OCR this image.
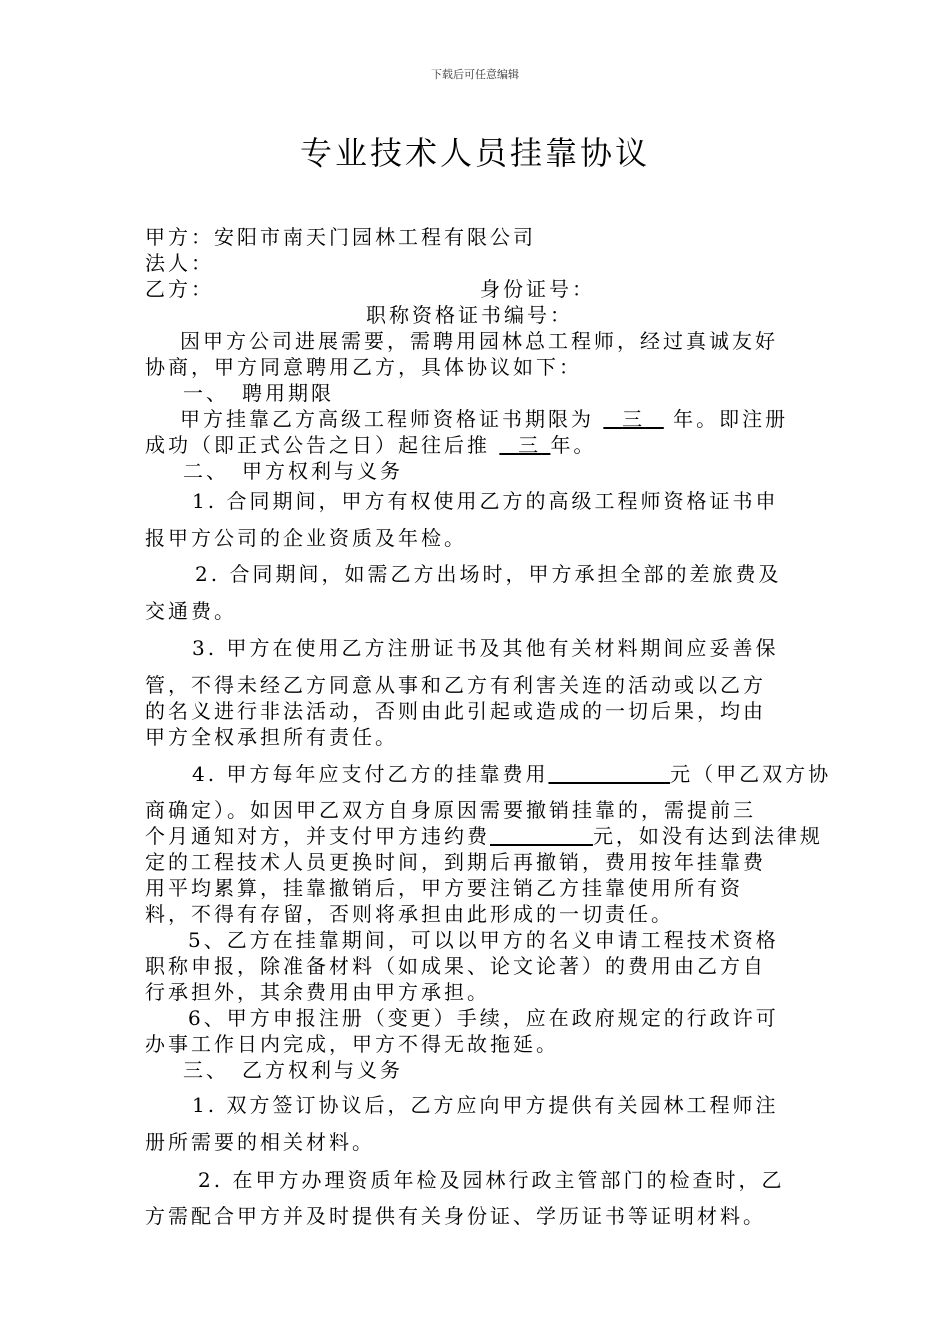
下载后可任意编辑
专业技术人员挂靠协议
甲方：安阳市南天门园林工程有限公司
法人：
乙方：	身份证号：
职称资格证书编号：
因甲方公司进展需要，需聘用园林总工程师，经过真诚友好
协商，甲方同意聘用乙方，具体协议如下：
一、　聘用期限
甲方挂靠乙方高级工程师资格证书期限为 三 年。即注册
成功（即正式公告之日）起往后推 三 年。
二、　甲方权利与义务
1. 合同期间，甲方有权使用乙方的高级工程师资格证书申
报甲方公司的企业资质及年检。
2. 合同期间，如需乙方出场时，甲方承担全部的差旅费及
交通费。
3. 甲方在使用乙方注册证书及其他有关材料期间应妥善保
管，不得未经乙方同意从事和乙方有利害关连的活动或以乙方
的名义进行非法活动，否则由此引起或造成的一切后果，均由
甲方全权承担所有责任。
4. 甲方每年应支付乙方的挂靠费用	元（甲乙双方协
商确定）。如因甲乙双方自身原因需要撤销挂靠的，需提前三
个月通知对方，并支付甲方违约费	元，如没有达到法律规
定的工程技术人员更换时间，到期后再撤销，费用按年挂靠费
用平均累算，挂靠撤销后，甲方要注销乙方挂靠使用所有资
料，不得有存留，否则将承担由此形成的一切责任。
5、乙方在挂靠期间，可以以甲方的名义申请工程技术资格
职称申报，除准备材料（如成果、论文论著）的费用由乙方自
行承担外，其余费用由甲方承担。
6、甲方申报注册（变更）手续，应在政府规定的行政许可
办事工作日内完成，甲方不得无故拖延。
三、　乙方权利与义务
1. 双方签订协议后，乙方应向甲方提供有关园林工程师注
册所需要的相关材料。
2. 在甲方办理资质年检及园林行政主管部门的检查时，乙
方需配合甲方并及时提供有关身份证、学历证书等证明材料。
